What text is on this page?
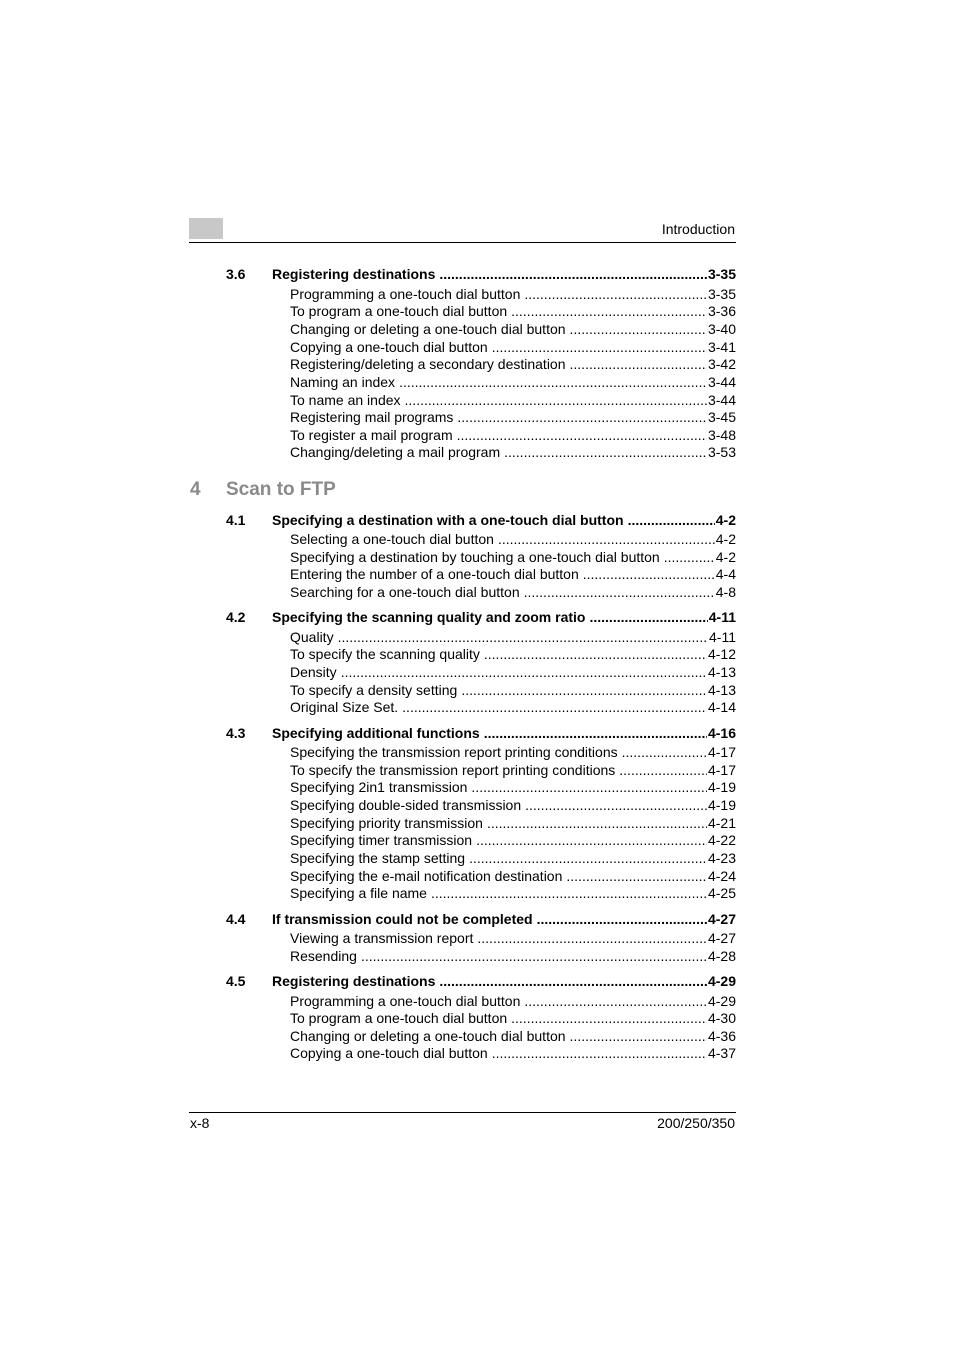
Introduction
4 Scan to FTP
3.6	Registering destinations .....	3-35
Programming a one-touch dial button .....	3-35
To program a one-touch dial button .....	3-36
Changing or deleting a one-touch dial button .....	3-40
Copying a one-touch dial button .....	3-41
Registering/deleting a secondary destination .....	3-42
Naming an index .....	3-44
To name an index .....	3-44
Registering mail programs .....	3-45
To register a mail program .....	3-48
Changing/deleting a mail program .....	3-53
4.1	Specifying a destination with a one-touch dial button .....	4-2
Selecting a one-touch dial button .....	4-2
Specifying a destination by touching a one-touch dial button .....	4-2
Entering the number of a one-touch dial button .....	4-4
Searching for a one-touch dial button .....	4-8
4.2	Specifying the scanning quality and zoom ratio .....	4-11
Quality .....	4-11
To specify the scanning quality .....	4-12
Density .....	4-13
To specify a density setting .....	4-13
Original Size Set. .....	4-14
4.3	Specifying additional functions .....	4-16
Specifying the transmission report printing conditions .....	4-17
To specify the transmission report printing conditions .....	4-17
Specifying 2in1 transmission .....	4-19
Specifying double-sided transmission .....	4-19
Specifying priority transmission .....	4-21
Specifying timer transmission .....	4-22
Specifying the stamp setting .....	4-23
Specifying the e-mail notification destination .....	4-24
Specifying a file name .....	4-25
4.4	If transmission could not be completed .....	4-27
Viewing a transmission report .....	4-27
Resending .....	4-28
4.5	Registering destinations .....	4-29
Programming a one-touch dial button .....	4-29
To program a one-touch dial button .....	4-30
Changing or deleting a one-touch dial button .....	4-36
Copying a one-touch dial button .....	4-37
x-8	200/250/350
